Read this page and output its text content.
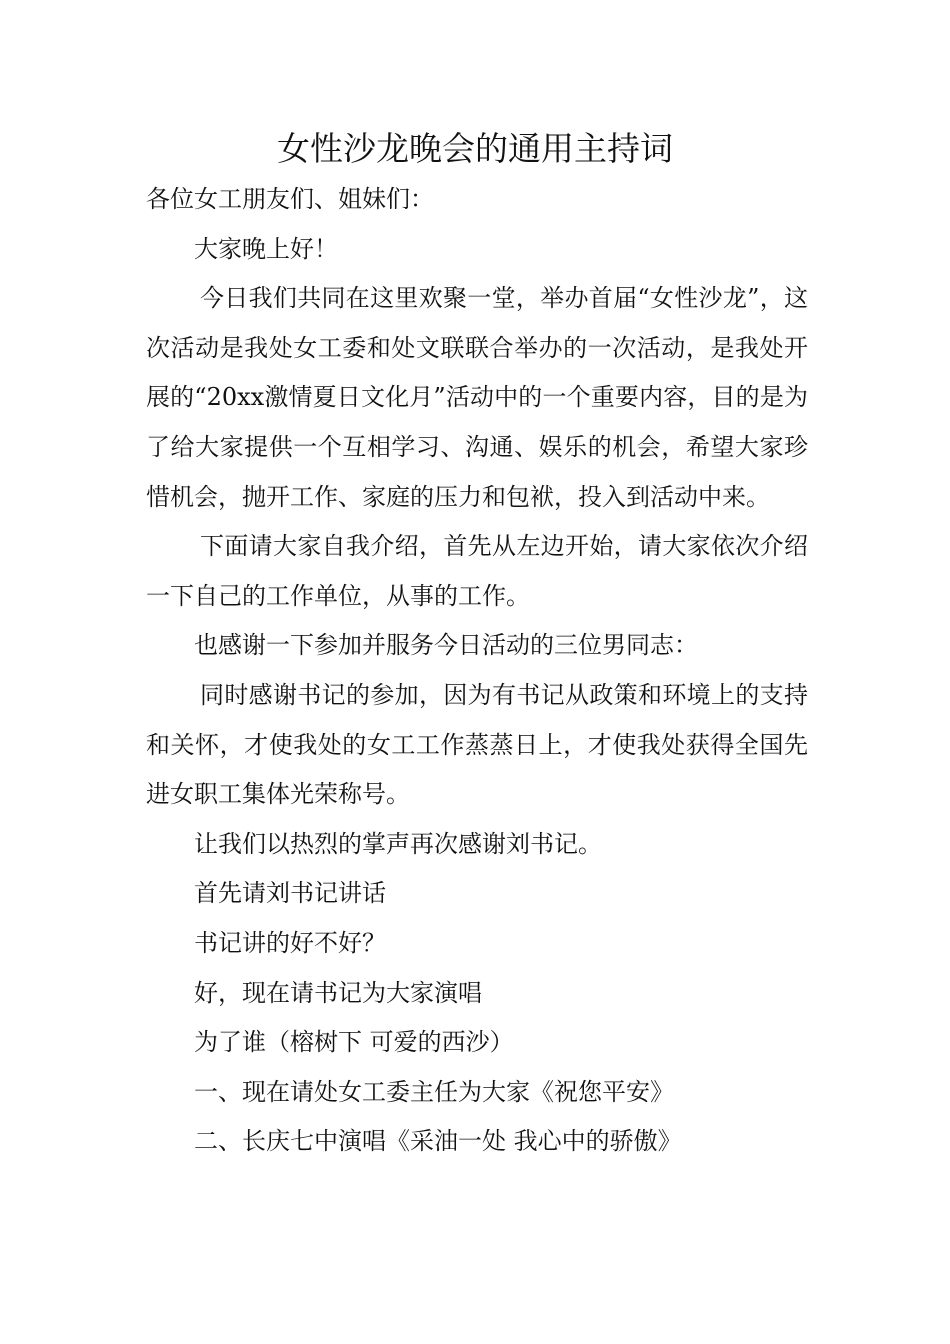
女性沙龙晚会的通用主持词

各位女工朋友们、姐妹们：

大家晚上好！

今日我们共同在这里欢聚一堂，举办首届“女性沙龙”，这次活动是我处女工委和处文联联合举办的一次活动，是我处开展的“20xx激情夏日文化月”活动中的一个重要内容，目的是为了给大家提供一个互相学习、沟通、娱乐的机会，希望大家珍惜机会，抛开工作、家庭的压力和包袱，投入到活动中来。

下面请大家自我介绍，首先从左边开始，请大家依次介绍一下自己的工作单位，从事的工作。

也感谢一下参加并服务今日活动的三位男同志：

同时感谢书记的参加，因为有书记从政策和环境上的支持和关怀，才使我处的女工工作蒸蒸日上，才使我处获得全国先进女职工集体光荣称号。

让我们以热烈的掌声再次感谢刘书记。

首先请刘书记讲话

书记讲的好不好？

好，现在请书记为大家演唱

为了谁（榕树下 可爱的西沙）

一、现在请处女工委主任为大家《祝您平安》

二、长庆七中演唱《采油一处 我心中的骄傲》
